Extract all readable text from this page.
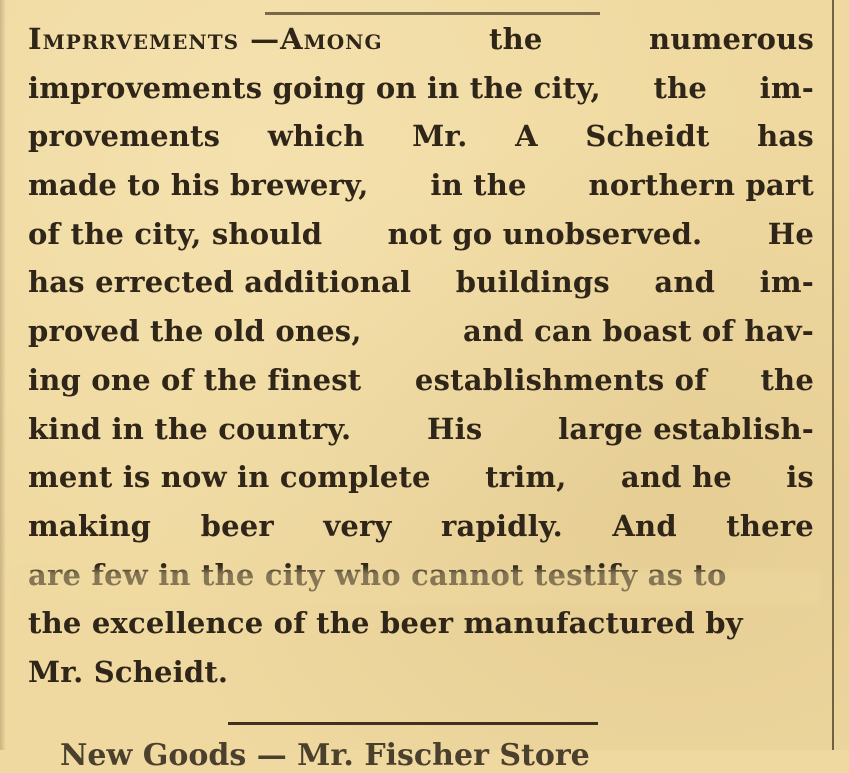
Imprrvements —Among	the	numerous
improvements going on in the city, the im-
provements which Mr. A Scheidt has
made to his brewery, in the northern part
of the city, should not go unobserved. He
has errected additional buildings and im-
proved the old ones,	and can boast of hav-
ing one of the finest establishments of the
kind in the country.	His	large establish-
ment is now in complete trim, and he is
making beer very rapidly. And there
are few in the city who cannot testify as to
the excellence of the beer manufactured by
Mr. Scheidt.
New Goods — Mr. Fischer Store
